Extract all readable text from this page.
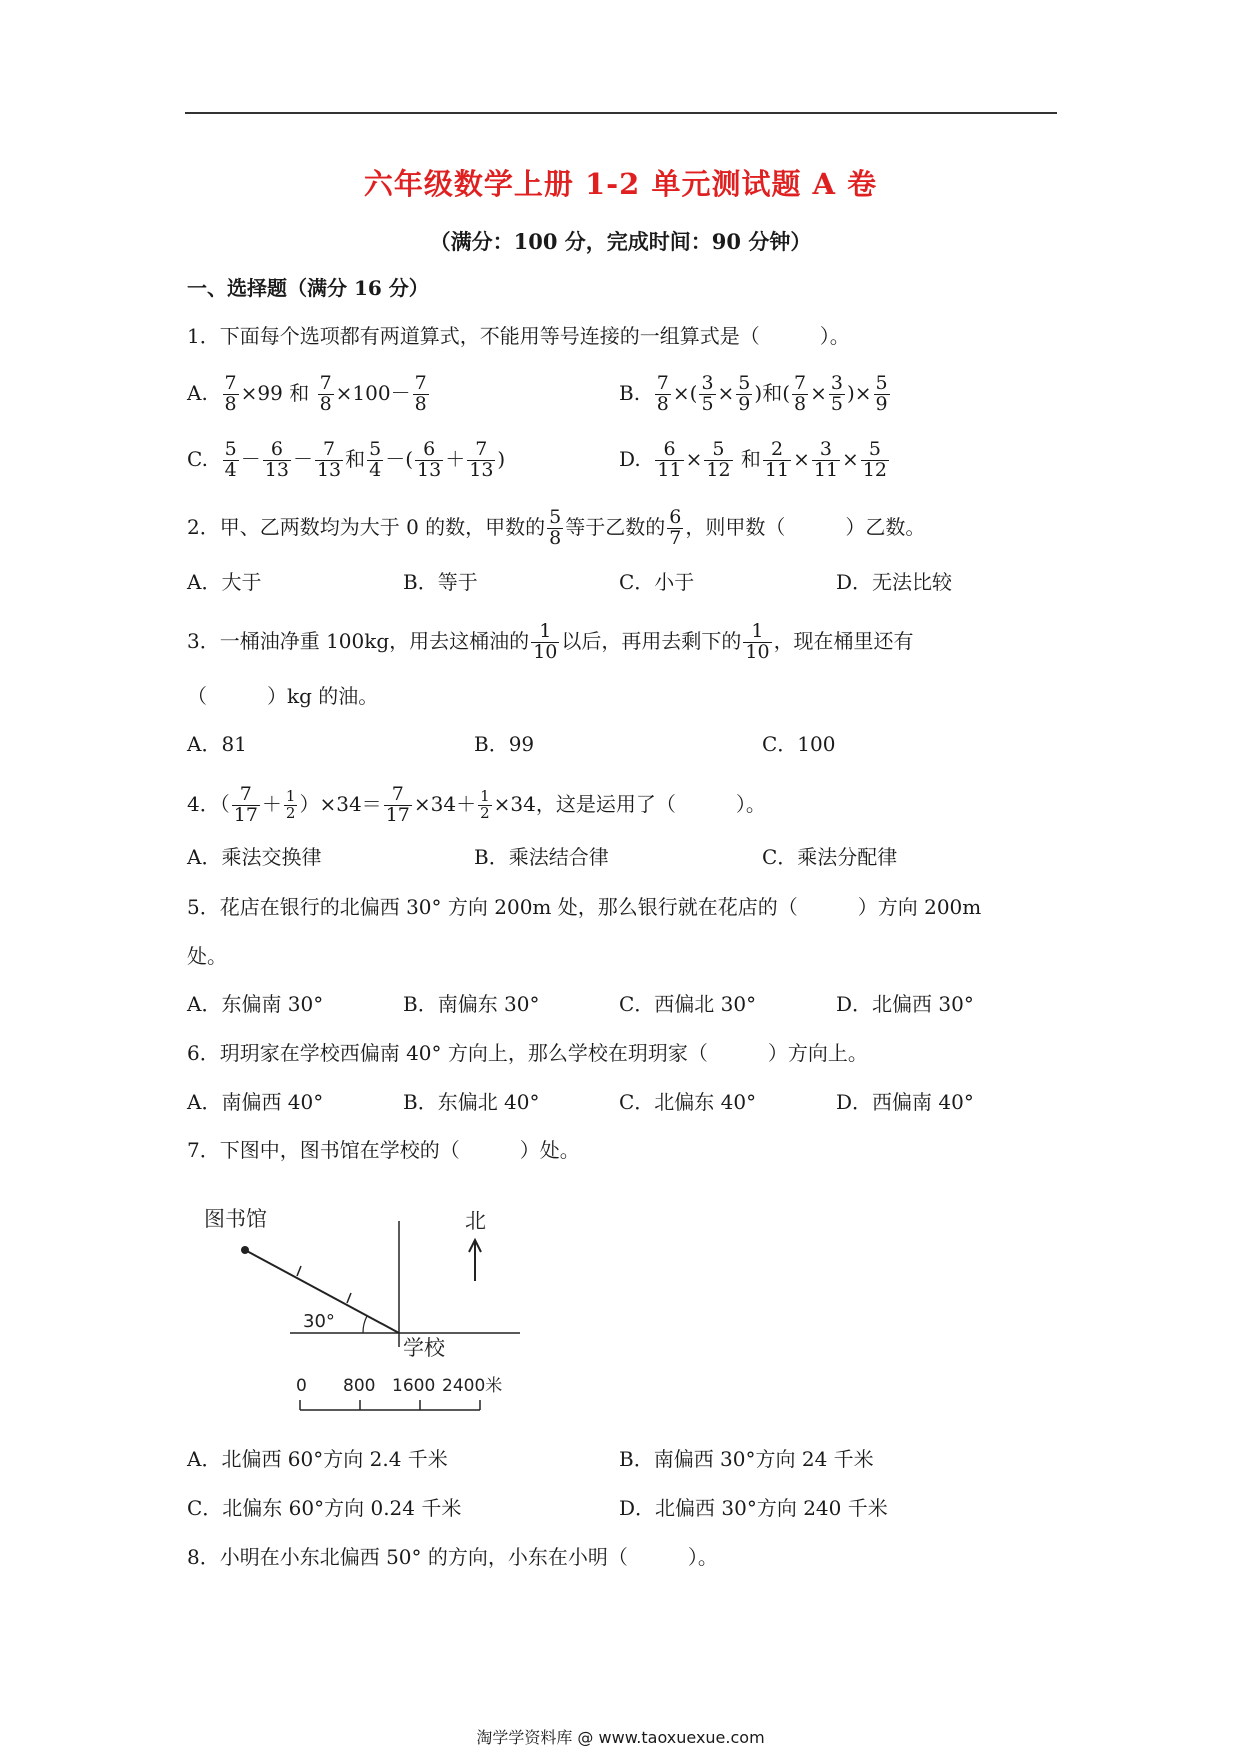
六年级数学上册 1-2 单元测试题 A 卷
（满分：100 分，完成时间：90 分钟）
一、选择题（满分 16 分）
1．下面每个选项都有两道算式，不能用等号连接的一组算式是（　　　）。
A. $\frac{7}{8} \times 99$ 和 $\frac{7}{8} \times 100- \frac{7}{8}$	B. $\frac{7}{8}$ ×( $\frac{3}{5} \times \frac{5}{9}$ )和( $\frac{7}{8} \times \frac{3}{5}$ )× $\frac{5}{9}$
C. $\frac{5}{4} - \frac{6}{13} - \frac{7}{13}$ 和 $\frac{5}{4}$ －( $\frac{6}{13} + \frac{7}{13}$ )	D. $\frac{6}{11} \times \frac{5}{12}$ 和 $\frac{2}{11} \times \frac{3}{11} \times \frac{5}{12}$
2．甲、乙两数均为大于 0 的数，甲数的 $\frac{5}{8}$ 等于乙数的 $\frac{6}{7}$ ，则甲数（　　　）乙数。
A．大于	B．等于	C．小于	D．无法比较
3．一桶油净重 100kg，用去这桶油的 $\frac{1}{10}$ 以后，再用去剩下的 $\frac{1}{10}$ ，现在桶里还有
（　　　）kg 的油。
A．81	B．99	C．100
4．（ $\frac{7}{17} + \frac{1}{2} )\times 34= \frac{7}{17} \times 34+ \frac{1}{2} \times 34$，这是运用了（　　　）。
A．乘法交换律	B．乘法结合律	C．乘法分配律
5．花店在银行的北偏西 30° 方向 200m 处，那么银行就在花店的（　　　）方向 200m
处。
A．东偏南 30°	B．南偏东 30°	C．西偏北 30°	D．北偏西 30°
6．玥玥家在学校西偏南 40° 方向上，那么学校在玥玥家（　　　）方向上。
A．南偏西 40°	B．东偏北 40°	C．北偏东 40°	D．西偏南 40°
7．下图中，图书馆在学校的（　　　）处。
图书馆
30°
学校
北
0 800 1600 2400米
A．北偏西 60°方向 2.4 千米	B．南偏西 30°方向 24 千米
C．北偏东 60°方向 0.24 千米	D．北偏西 30°方向 240 千米
8．小明在小东北偏西 50° 的方向，小东在小明（　　　）。
淘学学资料库 @ www.taoxuexue.com
